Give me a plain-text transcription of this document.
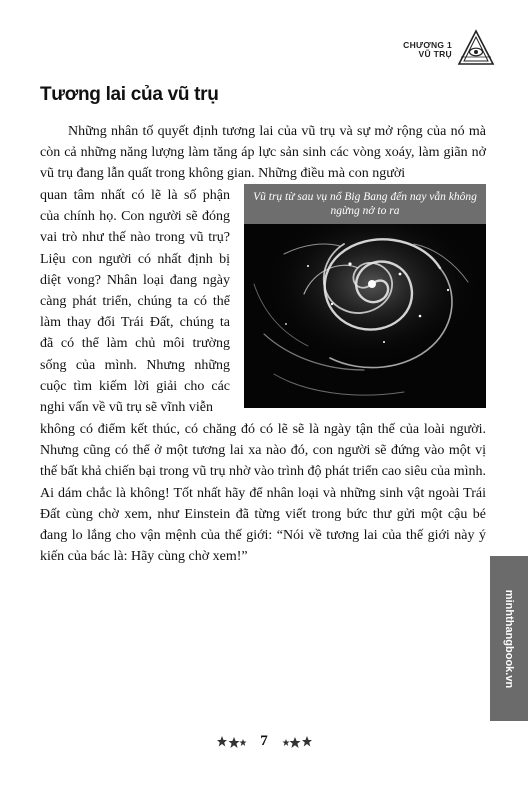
CHƯƠNG 1
VŨ TRỤ
Tương lai của vũ trụ

Những nhân tố quyết định tương lai của vũ trụ và sự mở rộng của nó mà còn cả những năng lượng làm tăng áp lực sản sinh các vòng xoáy, làm giãn nở vũ trụ đang lẫn quất trong không gian. Những điều mà con người

quan tâm nhất có lẽ là số phận của chính họ. Con người sẽ đóng vai trò như thế nào trong vũ trụ? Liệu con người có nhất định bị diệt vong? Nhân loại đang ngày càng phát triển, chúng ta có thể làm thay đổi Trái Đất, chúng ta đã có thể làm chủ môi trường sống của mình. Nhưng những cuộc tìm kiếm lời giải cho các nghi vấn về vũ trụ sẽ vĩnh viễn

Vũ trụ từ sau vụ nổ Big Bang đến nay vẫn không ngừng nở to ra

không có điểm kết thúc, có chăng đó có lẽ sẽ là ngày tận thế của loài người. Nhưng cũng có thể ở một tương lai xa nào đó, con người sẽ đứng vào một vị thế bất khả chiến bại trong vũ trụ nhờ vào trình độ phát triển cao siêu của mình. Ai dám chắc là không! Tốt nhất hãy để nhân loại và những sinh vật ngoài Trái Đất cùng chờ xem, như Einstein đã từng viết trong bức thư gửi một cậu bé đang lo lắng cho vận mệnh của thế giới: “Nói về tương lai của thế giới này ý kiến của bác là: Hãy cùng chờ xem!”

minhthangbook.vn
7
